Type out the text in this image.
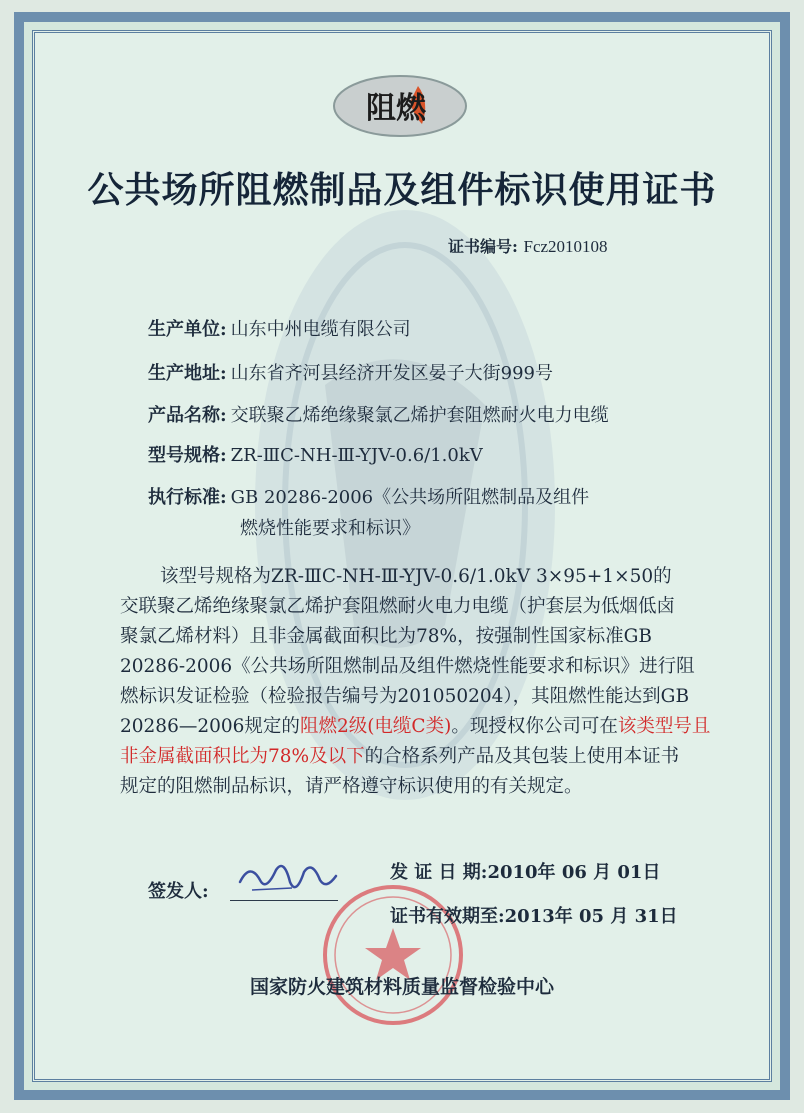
阻燃
公共场所阻燃制品及组件标识使用证书
证书编号: Fcz2010108
生产单位: 山东中州电缆有限公司
生产地址: 山东省齐河县经济开发区晏子大街999号
产品名称: 交联聚乙烯绝缘聚氯乙烯护套阻燃耐火电力电缆
型号规格: ZR-ⅢC-NH-Ⅲ-YJV-0.6/1.0kV
执行标准: GB 20286-2006《公共场所阻燃制品及组件
燃烧性能要求和标识》
该型号规格为ZR-ⅢC-NH-Ⅲ-YJV-0.6/1.0kV 3×95+1×50的
交联聚乙烯绝缘聚氯乙烯护套阻燃耐火电力电缆（护套层为低烟低卤
聚氯乙烯材料）且非金属截面积比为78%，按强制性国家标准GB
20286-2006《公共场所阻燃制品及组件燃烧性能要求和标识》进行阻
燃标识发证检验（检验报告编号为201050204），其阻燃性能达到GB
20286—2006规定的阻燃2级(电缆C类)。现授权你公司可在该类型号且
非金属截面积比为78%及以下的合格系列产品及其包装上使用本证书
规定的阻燃制品标识，请严格遵守标识使用的有关规定。
签发人:
发 证 日 期:2010年 06 月 01日
证书有效期至:2013年 05 月 31日
国家防火建筑材料质量监督检验中心
